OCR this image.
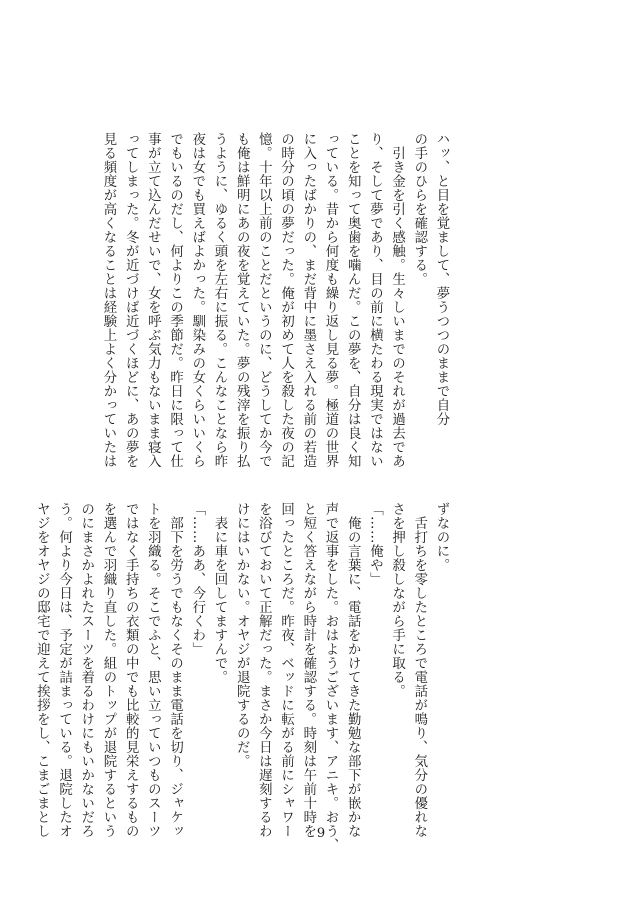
ハッ、と目を覚まして、夢うつつのままで自分
の手のひらを確認する。
　引き金を引く感触。生々しいまでのそれが過去であ
り、そして夢であり、目の前に横たわる現実ではない
ことを知って奥歯を噛んだ。この夢を、自分は良く知
っている。昔から何度も繰り返し見る夢。極道の世界
に入ったばかりの、まだ背中に墨さえ入れる前の若造
の時分の頃の夢だった。俺が初めて人を殺した夜の記
憶。十年以上前のことだというのに、どうしてか今で
も俺は鮮明にあの夜を覚えていた。夢の残滓を振り払
うように、ゆるく頭を左右に振る。こんなことなら昨
夜は女でも買えばよかった。馴染みの女くらいいくら
でもいるのだし、何よりこの季節だ。昨日に限って仕
事が立て込んだせいで、女を呼ぶ気力もないまま寝入
ってしまった。冬が近づけば近づくほどに、あの夢を
見る頻度が高くなることは経験上よく分かっていたは
ずなのに。
　舌打ちを零したところで電話が鳴り、気分の優れな
さを押し殺しながら手に取る。
「……俺や」
　俺の言葉に、電話をかけてきた勤勉な部下が嵌かな
声で返事をした。おはようございます、アニキ。おう、
と短く答えながら時計を確認する。時刻は午前十時を
回ったところだ。昨夜、ベッドに転がる前にシャワー
を浴びておいて正解だった。まさか今日は遅刻するわ
けにはいかない。オヤジが退院するのだ。
　表に車を回してますんで。
「……ああ、今行くわ」
　部下を労うでもなくそのまま電話を切り、ジャケッ
トを羽織る。そこでふと、思い立っていつものスーツ
ではなく手持ちの衣類の中でも比較的見栄えするもの
を選んで羽織り直した。組のトップが退院するという
のにまさかよれたスーツを着るわけにもいかないだろ
う。何より今日は、予定が詰まっている。退院したオ
ヤジをオヤジの邸宅で迎えて挨拶をし、こまごまとし	9
